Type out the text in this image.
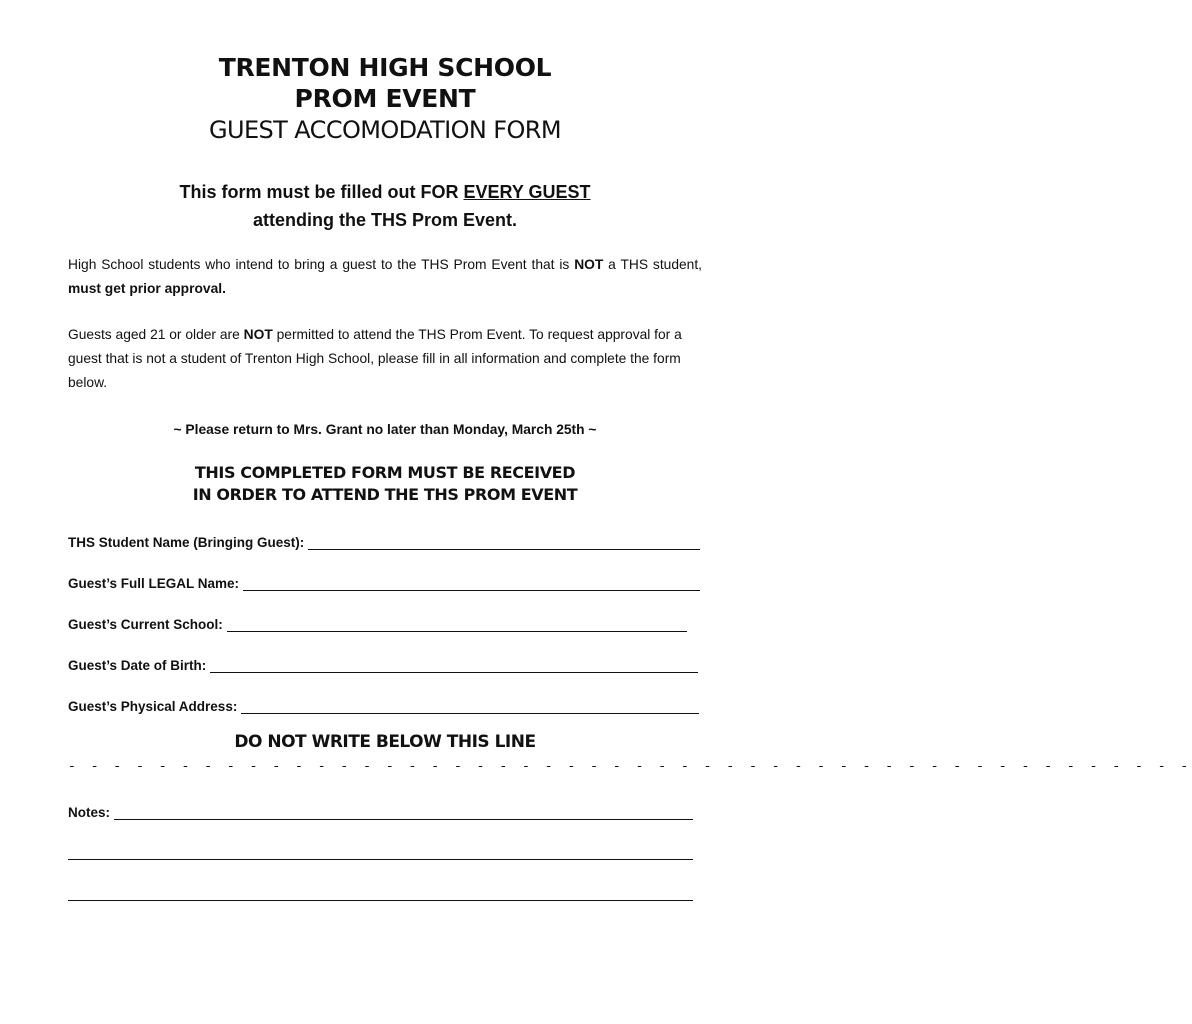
TRENTON HIGH SCHOOL
PROM EVENT
GUEST ACCOMODATION FORM
This form must be filled out FOR EVERY GUEST
attending the THS Prom Event.
High School students who intend to bring a guest to the THS Prom Event that is NOT a THS student, must get prior approval.
Guests aged 21 or older are NOT permitted to attend the THS Prom Event. To request approval for a guest that is not a student of Trenton High School, please fill in all information and complete the form below.
~ Please return to Mrs. Grant no later than Monday, March 25th ~
THIS COMPLETED FORM MUST BE RECEIVED
IN ORDER TO ATTEND THE THS PROM EVENT
THS Student Name (Bringing Guest):
Guest’s Full LEGAL Name:
Guest’s Current School:
Guest’s Date of Birth:
Guest’s Physical Address:
DO NOT WRITE BELOW THIS LINE
- - - - - - - - - - - - - - - - - - - - - - - - - - - - - - - - - - - - - - - - - - - - - - - - - -
Notes:
